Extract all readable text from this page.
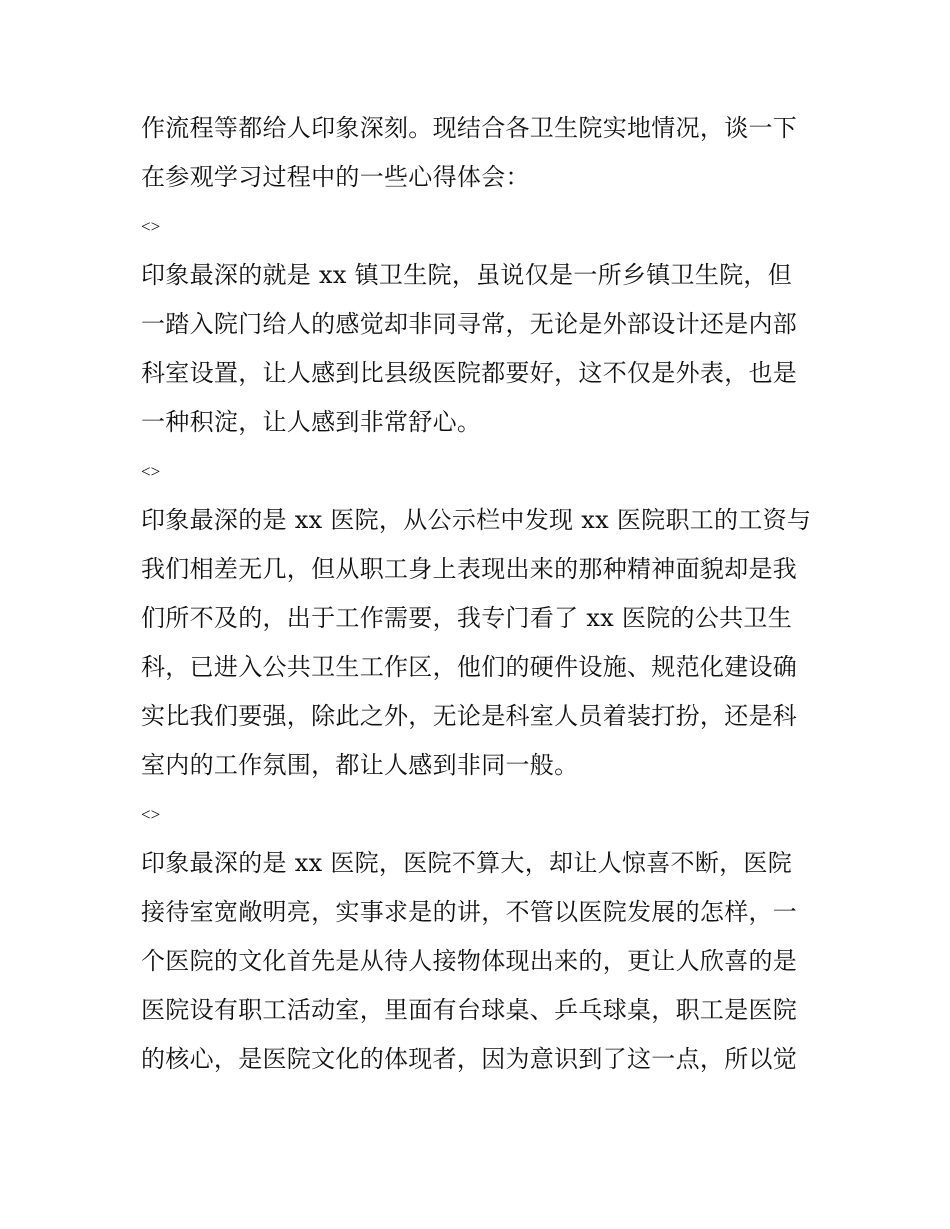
作流程等都给人印象深刻。现结合各卫生院实地情况，谈一下
在参观学习过程中的一些心得体会：
<>
印象最深的就是 xx 镇卫生院，虽说仅是一所乡镇卫生院，但
一踏入院门给人的感觉却非同寻常，无论是外部设计还是内部
科室设置，让人感到比县级医院都要好，这不仅是外表，也是
一种积淀，让人感到非常舒心。
<>
印象最深的是 xx 医院，从公示栏中发现 xx 医院职工的工资与
我们相差无几，但从职工身上表现出来的那种精神面貌却是我
们所不及的，出于工作需要，我专门看了 xx 医院的公共卫生
科，已进入公共卫生工作区，他们的硬件设施、规范化建设确
实比我们要强，除此之外，无论是科室人员着装打扮，还是科
室内的工作氛围，都让人感到非同一般。
<>
印象最深的是 xx 医院，医院不算大，却让人惊喜不断，医院
接待室宽敞明亮，实事求是的讲，不管以医院发展的怎样，一
个医院的文化首先是从待人接物体现出来的，更让人欣喜的是
医院设有职工活动室，里面有台球桌、乒乓球桌，职工是医院
的核心，是医院文化的体现者，因为意识到了这一点，所以觉
